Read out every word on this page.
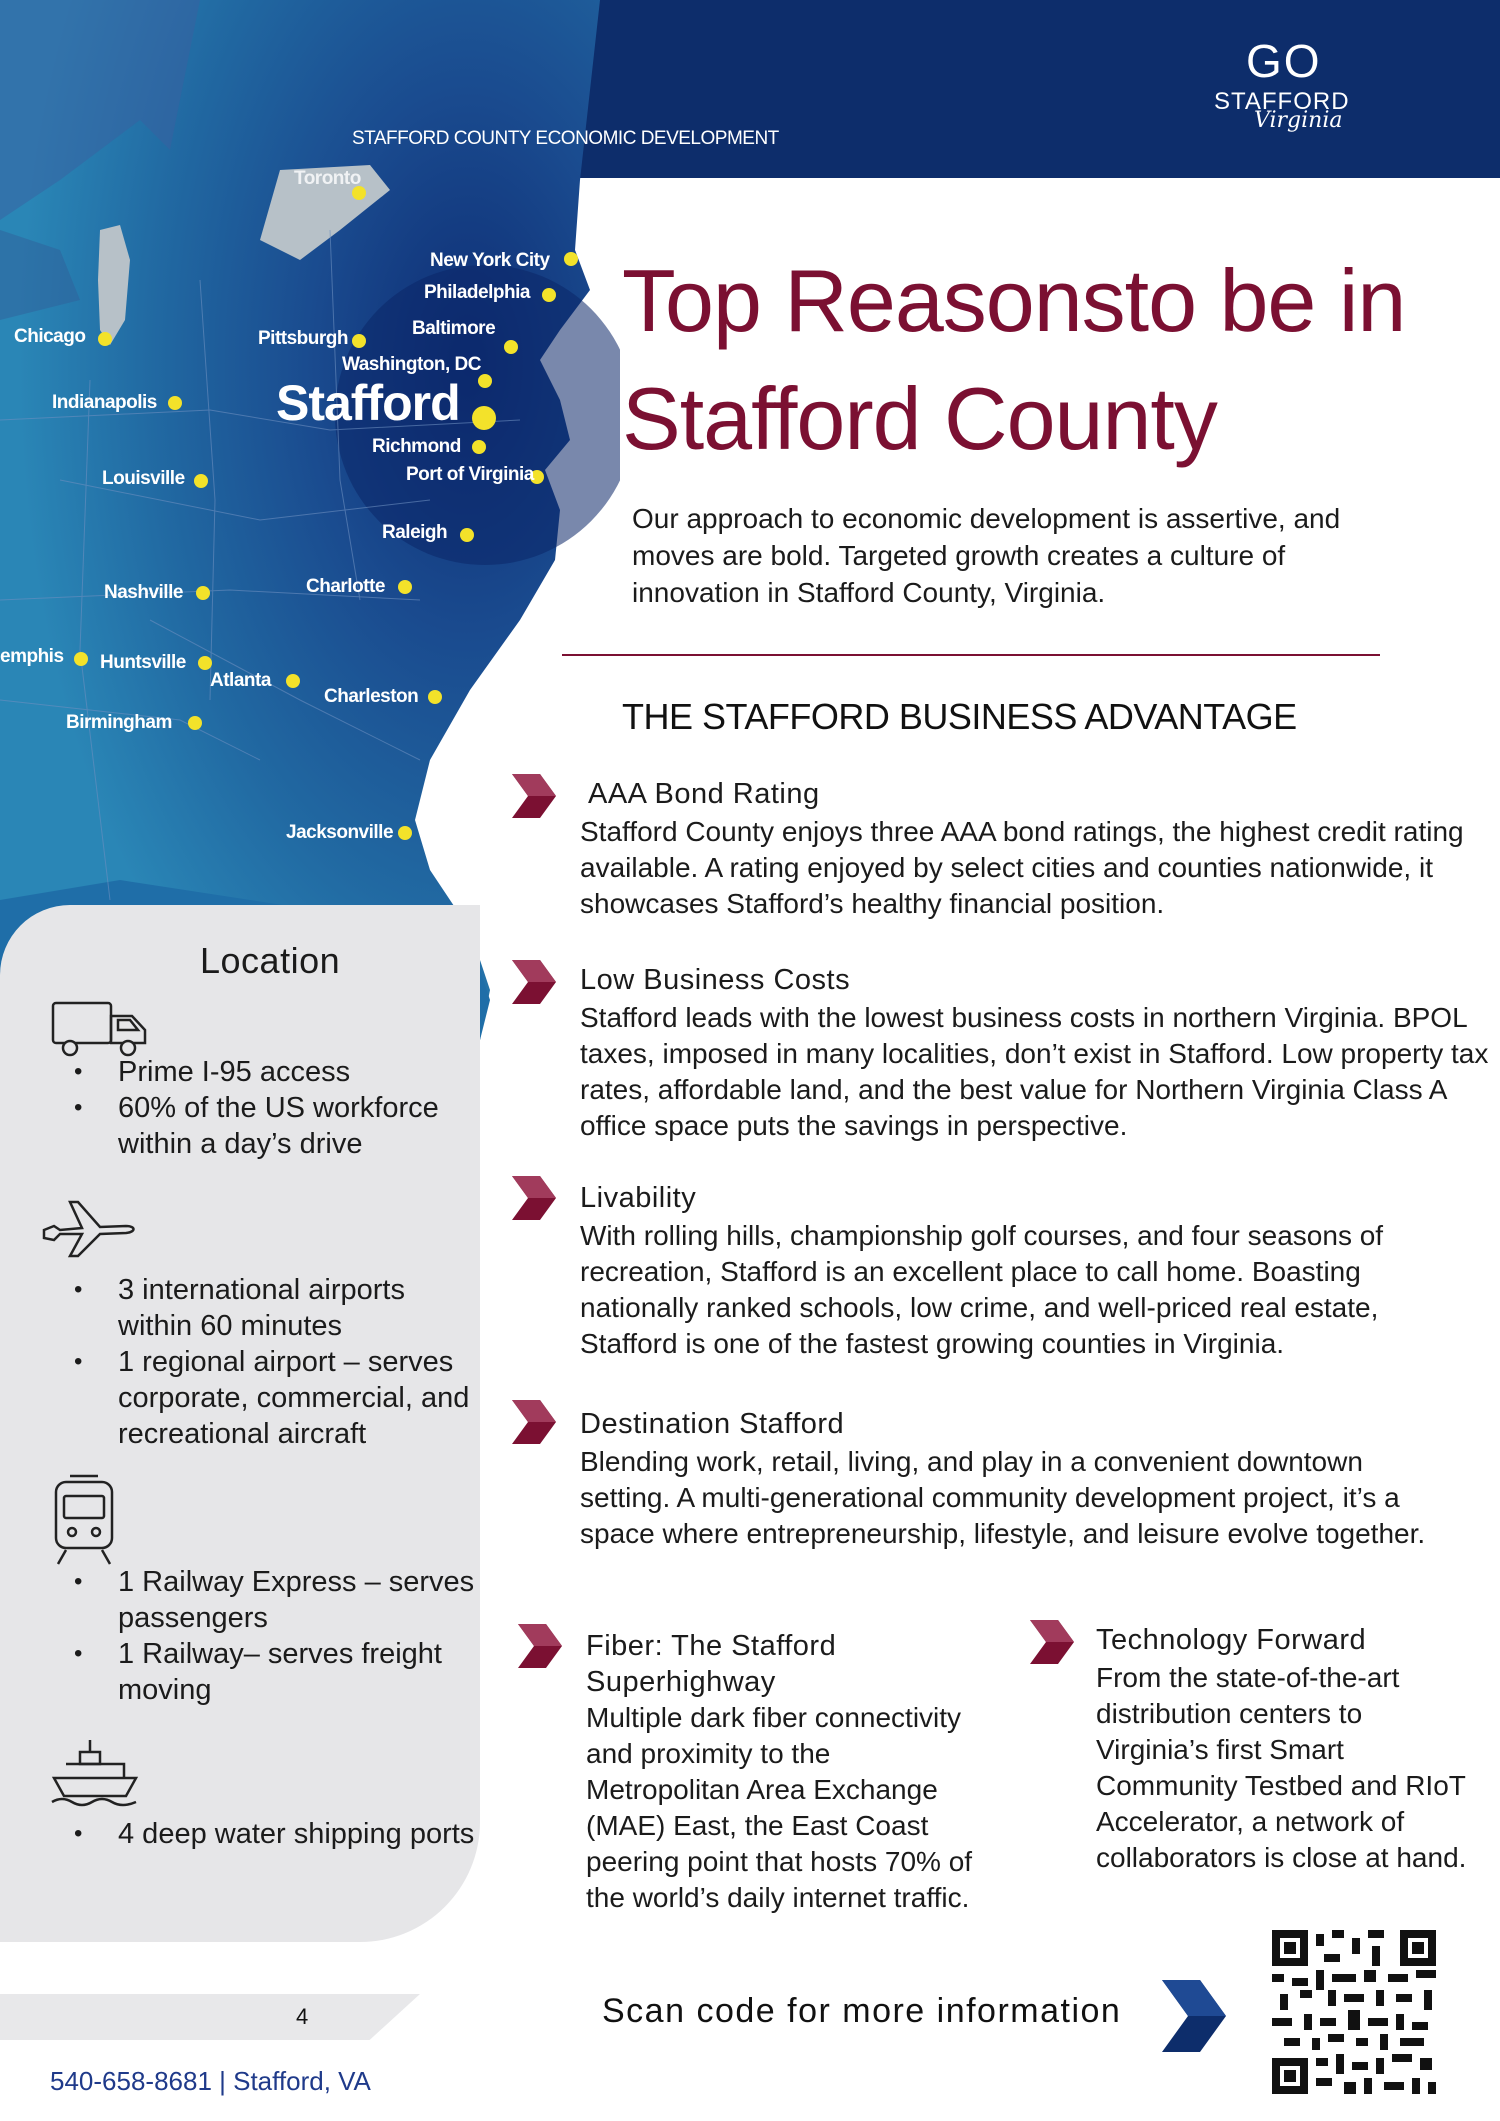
Toronto
New York City
Philadelphia
Baltimore
Washington, DC
Chicago	Pittsburgh
Indianapolis Stafford
Richmond
Port of Virginia
Louisville
Raleigh
Nashville	Charlotte
emphis Huntsville
Atlanta
Charleston
Birmingham
Jacksonville
STAFFORD COUNTY ECONOMIC DEVELOPMENT
GO
STAFFORD
Virginia
Top Reasonsto be in
Stafford County
Our approach to economic development is assertive, and moves are bold. Targeted growth creates a culture of innovation in Stafford County, Virginia.
THE STAFFORD BUSINESS ADVANTAGE
AAA Bond Rating
Stafford County enjoys three AAA bond ratings, the highest credit rating available. A rating enjoyed by select cities and counties nationwide, it showcases Stafford’s healthy financial position.
Low Business Costs
Stafford leads with the lowest business costs in northern Virginia. BPOL taxes, imposed in many localities, don’t exist in Stafford. Low property tax rates, affordable land, and the best value for Northern Virginia Class A office space puts the savings in perspective.
Livability
With rolling hills, championship golf courses, and four seasons of recreation, Stafford is an excellent place to call home. Boasting nationally ranked schools, low crime, and well-priced real estate, Stafford is one of the fastest growing counties in Virginia.
Destination Stafford
Blending work, retail, living, and play in a convenient downtown setting. A multi-generational community development project, it’s a space where entrepreneurship, lifestyle, and leisure evolve together.
Fiber: The Stafford Superhighway
Multiple dark fiber connectivity and proximity to the Metropolitan Area Exchange (MAE) East, the East Coast peering point that hosts 70% of the world’s daily internet traffic.
Technology Forward
From the state-of-the-art distribution centers to Virginia’s first Smart Community Testbed and RIoT Accelerator, a network of collaborators is close at hand.
Location
• Prime I-95 access
• 60% of the US workforce within a day’s drive
• 3 international airports within 60 minutes
• 1 regional airport – serves corporate, commercial, and recreational aircraft
• 1 Railway Express – serves passengers
• 1 Railway– serves freight moving
• 4 deep water shipping ports
4
540-658-8681 | Stafford, VA
Scan code for more information
